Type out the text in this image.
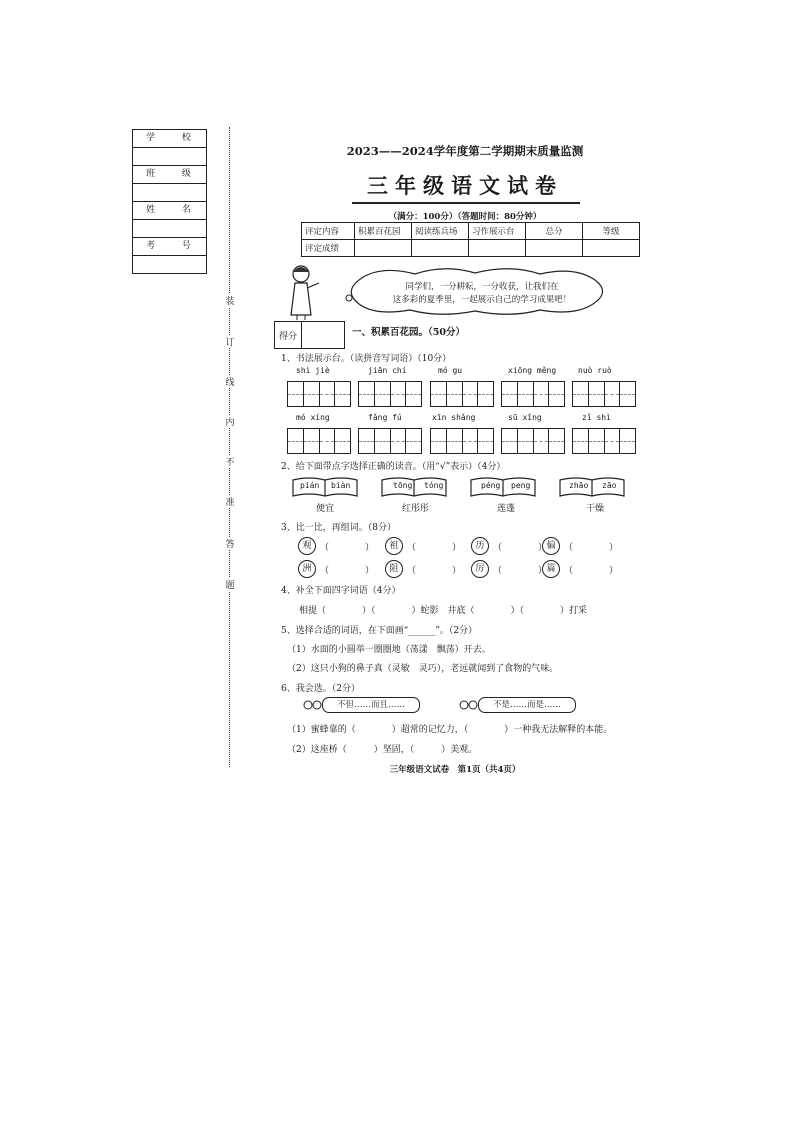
学 校
班 级
姓 名
考 号
装
订
线
内
不
准
答
题
2023——2024学年度第二学期期末质量监测
三年级语文试卷
（满分：100分）（答题时间：80分钟）
评定内容	积累百花园	阅读练兵场	习作展示台	总分	等级
评定成绩					
同学们，一分耕耘，一分收获，让我们在
这多彩的夏季里，一起展示自己的学习成果吧！
得分		一、积累百花园。（50分）
1、书法展示台。（读拼音写词语）（10分）
shì jiè	jiān chí	mó gu	xiōng měng	nuò ruò
mó xíng	fǎng fú	xīn shǎng	sū xǐng	zǐ shì
2、给下面带点字选择正确的读音。（用“√”表示）（4分）
pián biàn
便宜
tōng tóng
红彤彤
péng peng
莲蓬
zhāo zāo
干燥
3、比一比，再组词。（8分）
观 （　　　　）	祖 （　　　　）	历 （　　　　） 偏 （　　　　）
洲 （　　　　）	阻 （　　　　）	厉 （　　　　） 篇 （　　　　）
4、补全下面四字词语（4分）
相提（　　　　）（　　　　）蛇影　井底（　　　　）（　　　　）打采
5、选择合适的词语，在下面画“______”。（2分）
（1）水面的小圆举一圈圈地（荡漾　飘荡）开去。
（2）这只小狗的鼻子真（灵敏　灵巧），老远就闻到了食物的气味。
6、我会选。（2分）
不但……而且……	不是……而是……
（1）蜜蜂靠的（　　　　）超常的记忆力，（　　　　）一种我无法解释的本能。
（2）这座桥（　　　）坚固，（　　　）美观。
三年级语文试卷　第1页（共4页）
